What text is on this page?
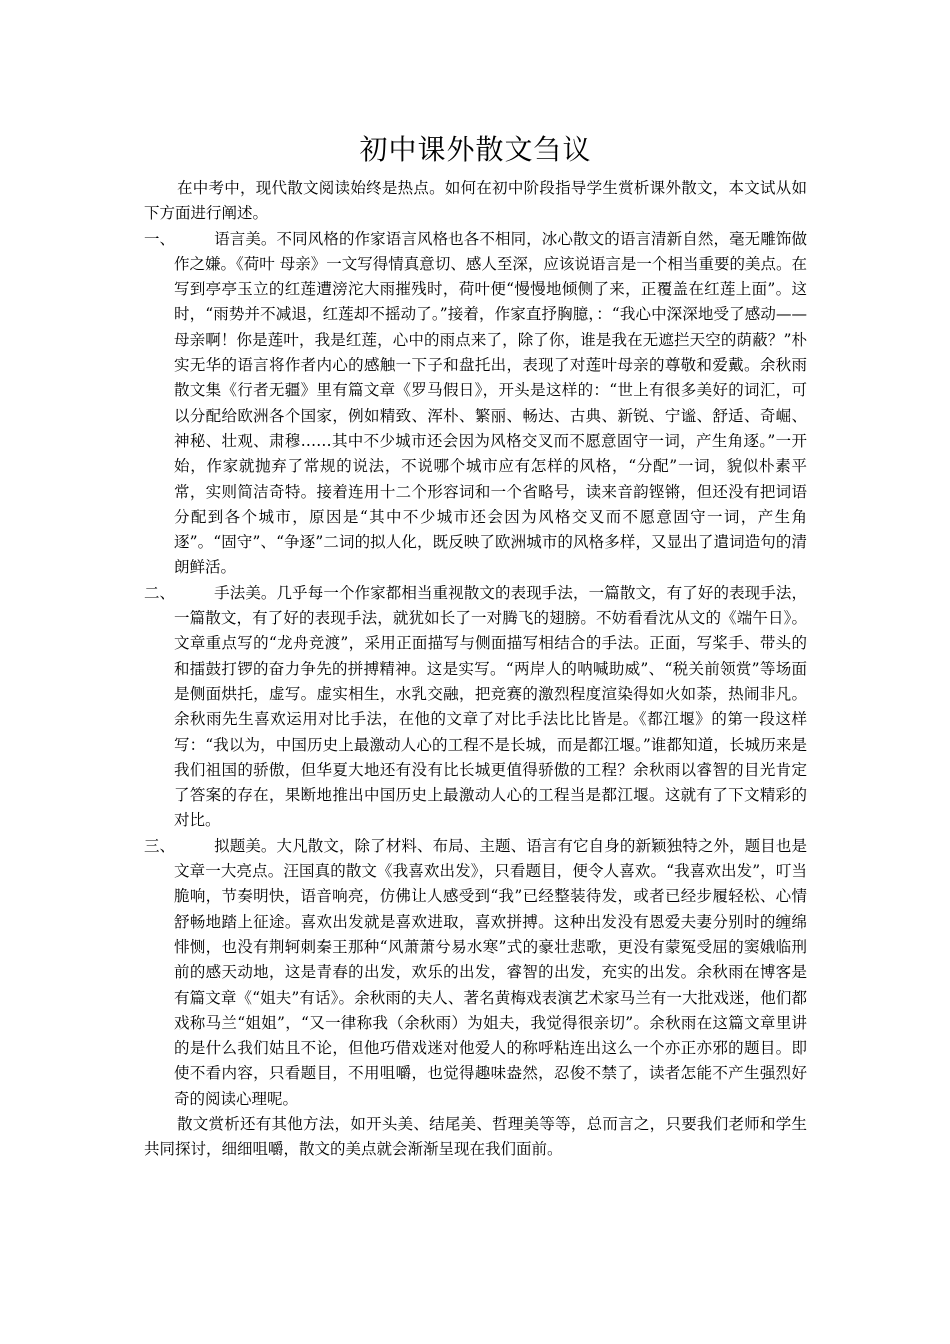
初中课外散文刍议

在中考中，现代散文阅读始终是热点。如何在初中阶段指导学生赏析课外散文，本文试从如下方面进行阐述。

一、	语言美。不同风格的作家语言风格也各不相同，冰心散文的语言清新自然，毫无雕饰做作之嫌。《荷叶 母亲》一文写得情真意切、感人至深，应该说语言是一个相当重要的美点。在写到亭亭玉立的红莲遭滂沱大雨摧残时，荷叶便“慢慢地倾侧了来，正覆盖在红莲上面”。这时，“雨势并不减退，红莲却不摇动了。”接着，作家直抒胸臆，：“我心中深深地受了感动——母亲啊！你是莲叶，我是红莲，心中的雨点来了，除了你，谁是我在无遮拦天空的荫蔽？”朴实无华的语言将作者内心的感触一下子和盘托出，表现了对莲叶母亲的尊敬和爱戴。余秋雨散文集《行者无疆》里有篇文章《罗马假日》，开头是这样的：“世上有很多美好的词汇，可以分配给欧洲各个国家，例如精致、浑朴、繁丽、畅达、古典、新锐、宁谧、舒适、奇崛、神秘、壮观、肃穆……其中不少城市还会因为风格交叉而不愿意固守一词，产生角逐。”一开始，作家就抛弃了常规的说法，不说哪个城市应有怎样的风格，“分配”一词，貌似朴素平常，实则简洁奇特。接着连用十二个形容词和一个省略号，读来音韵铿锵，但还没有把词语分配到各个城市，原因是“其中不少城市还会因为风格交叉而不愿意固守一词，产生角逐”。“固守”、“争逐”二词的拟人化，既反映了欧洲城市的风格多样，又显出了遣词造句的清朗鲜活。
二、	手法美。几乎每一个作家都相当重视散文的表现手法，一篇散文，有了好的表现手法，一篇散文，有了好的表现手法，就犹如长了一对腾飞的翅膀。不妨看看沈从文的《端午日》。文章重点写的“龙舟竞渡”，采用正面描写与侧面描写相结合的手法。正面，写桨手、带头的和擂鼓打锣的奋力争先的拼搏精神。这是实写。“两岸人的呐喊助威”、“税关前领赏”等场面是侧面烘托，虚写。虚实相生，水乳交融，把竞赛的激烈程度渲染得如火如荼，热闹非凡。余秋雨先生喜欢运用对比手法，在他的文章了对比手法比比皆是。《都江堰》的第一段这样写：“我以为，中国历史上最激动人心的工程不是长城，而是都江堰。”谁都知道，长城历来是我们祖国的骄傲，但华夏大地还有没有比长城更值得骄傲的工程？余秋雨以睿智的目光肯定了答案的存在，果断地推出中国历史上最激动人心的工程当是都江堰。这就有了下文精彩的对比。
三、	拟题美。大凡散文，除了材料、布局、主题、语言有它自身的新颖独特之外，题目也是文章一大亮点。汪国真的散文《我喜欢出发》，只看题目，便令人喜欢。“我喜欢出发”，叮当脆响，节奏明快，语音响亮，仿佛让人感受到“我”已经整装待发，或者已经步履轻松、心情舒畅地踏上征途。喜欢出发就是喜欢进取，喜欢拼搏。这种出发没有恩爱夫妻分别时的缠绵悱恻，也没有荆轲刺秦王那种“风萧萧兮易水寒”式的豪壮悲歌，更没有蒙冤受屈的窦娥临刑前的感天动地，这是青春的出发，欢乐的出发，睿智的出发，充实的出发。余秋雨在博客是有篇文章《“姐夫”有话》。余秋雨的夫人、著名黄梅戏表演艺术家马兰有一大批戏迷，他们都戏称马兰“姐姐”，“又一律称我（余秋雨）为姐夫，我觉得很亲切”。余秋雨在这篇文章里讲的是什么我们姑且不论，但他巧借戏迷对他爱人的称呼粘连出这么一个亦正亦邪的题目。即使不看内容，只看题目，不用咀嚼，也觉得趣味盎然，忍俊不禁了，读者怎能不产生强烈好奇的阅读心理呢。

散文赏析还有其他方法，如开头美、结尾美、哲理美等等，总而言之，只要我们老师和学生共同探讨，细细咀嚼，散文的美点就会渐渐呈现在我们面前。
